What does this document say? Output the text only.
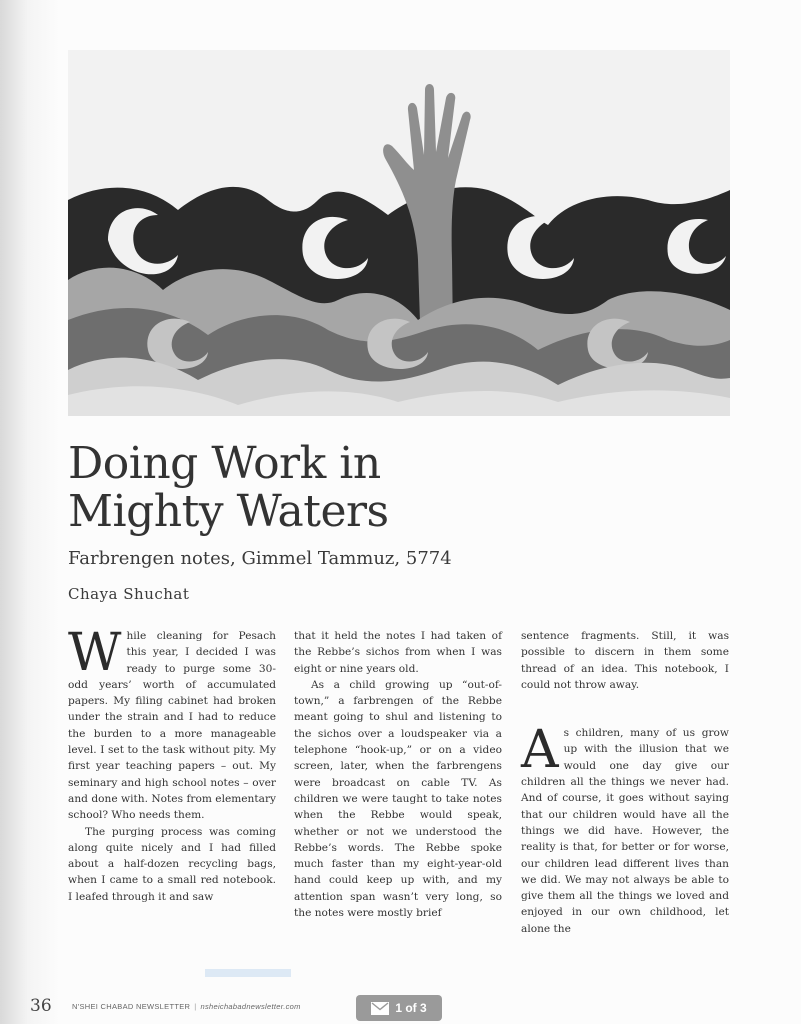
Doing Work in
Mighty Waters
Farbrengen notes, Gimmel Tammuz, 5774
Chaya Shuchat

While cleaning for Pesach this year, I decided I was ready to purge some 30-odd years’ worth of accumulated papers. My filing cabinet had broken under the strain and I had to reduce the burden to a more manageable level. I set to the task without pity. My first year teaching papers – out. My seminary and high school notes – over and done with. Notes from elementary school? Who needs them.

The purging process was coming along quite nicely and I had filled about a half-dozen recycling bags, when I came to a small red notebook. I leafed through it and saw

that it held the notes I had taken of the Rebbe’s sichos from when I was eight or nine years old.

As a child growing up “out-of-town,” a farbrengen of the Rebbe meant going to shul and listening to the sichos over a loudspeaker via a telephone “hook-up,” or on a video screen, later, when the farbrengens were broadcast on cable TV. As children we were taught to take notes when the Rebbe would speak, whether or not we understood the Rebbe’s words. The Rebbe spoke much faster than my eight-year-old hand could keep up with, and my attention span wasn’t very long, so the notes were mostly brief

sentence fragments. Still, it was possible to discern in them some thread of an idea. This notebook, I could not throw away.

As children, many of us grow up with the illusion that we would one day give our children all the things we never had. And of course, it goes without saying that our children would have all the things we did have. However, the reality is that, for better or for worse, our children lead different lives than we did. We may not always be able to give them all the things we loved and enjoyed in our own childhood, let alone the

36	N'SHEI CHABAD NEWSLETTER | nsheichabadnewsletter.com	1 of 3
